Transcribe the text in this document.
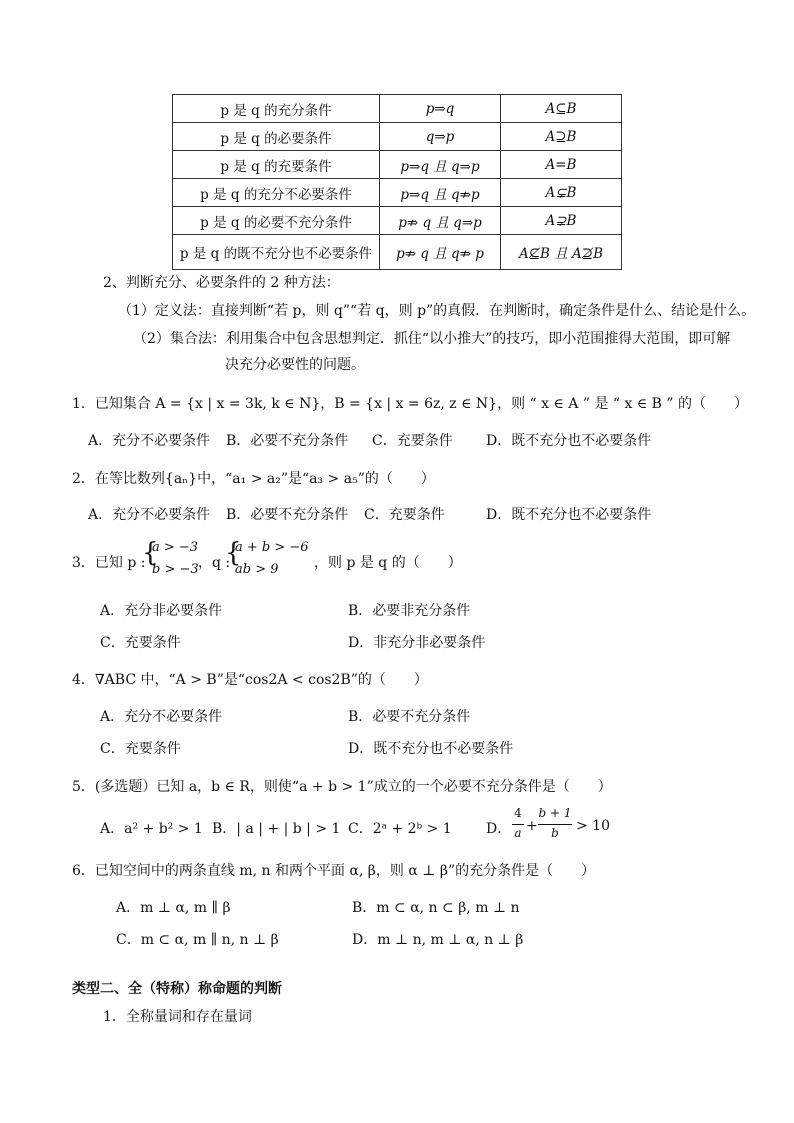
p 是 q 的充分条件	p⇒q	A⊆B
p 是 q 的必要条件	q⇒p	A⊇B
p 是 q 的充要条件	p⇒q 且 q⇒p	A=B
p 是 q 的充分不必要条件	p⇒q 且 q⇏p	A⊊B
p 是 q 的必要不充分条件	p⇏ q 且 q⇒p	A⊋B
p 是 q 的既不充分也不必要条件	p⇏ q 且 q⇏ p	A⊈B 且 A⊉B
2、判断充分、必要条件的 2 种方法：
（1）定义法：直接判断“若 p，则 q”“若 q，则 p”的真假．在判断时，确定条件是什么、结论是什么。
（2）集合法：利用集合中包含思想判定．抓住“以小推大”的技巧，即小范围推得大范围，即可解
决充分必要性的问题。
1．已知集合 A = {x | x = 3k, k ∈ N}，B = {x | x = 6z, z ∈ N}，则 “ x ∈ A ” 是 “ x ∈ B ” 的（　　）
A．充分不必要条件 B．必要不充分条件 C．充要条件 D．既不充分也不必要条件
2．在等比数列{aₙ}中，“a₁ > a₂”是“a₃ > a₅”的（　　）
A．充分不必要条件 B．必要不充分条件 C．充要条件	D．既不充分也不必要条件
3．已知 p :
{
a > −3
b > −3 ，q :
{
a + b > −6
ab > 9	，则 p 是 q 的（　　）
A．充分非必要条件	B．必要非充分条件
C．充要条件	D．非充分非必要条件
4．∇ABC 中，“A > B”是“cos2A < cos2B”的（　　）
A．充分不必要条件	B．必要不充分条件
C．充要条件	D．既不充分也不必要条件
5．(多选题）已知 a，b ∈ R，则使“a + b > 1”成立的一个必要不充分条件是（　　）
A．a² + b² > 1 B．| a | + | b | > 1 C．2ᵃ + 2ᵇ > 1 D．
4
a +
b + 1
b	> 10
6．已知空间中的两条直线 m, n 和两个平面 α, β，则 α ⊥ β”的充分条件是（　　）
A．m ⊥ α, m ∥ β	B．m ⊂ α, n ⊂ β, m ⊥ n
C．m ⊂ α, m ∥ n, n ⊥ β	D．m ⊥ n, m ⊥ α, n ⊥ β
类型二、全（特称）称命题的判断
1．全称量词和存在量词
